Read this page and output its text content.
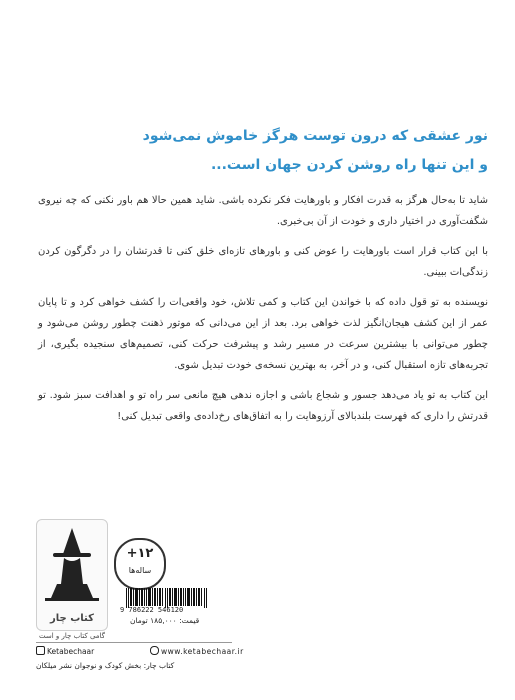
نور عشقی که درون توست هرگز خاموش نمی‌شود
و این تنها راه روشن کردن جهان است...

شاید تا به‌حال هرگز به قدرت افکار و باورهایت فکر نکرده باشی. شاید همین حالا هم باور نکنی که چه نیروی شگفت‌آوری در اختیار داری و خودت از آن بی‌خبری.

با این کتاب قرار است باورهایت را عوض کنی و باورهای تازه‌ای خلق کنی تا قدرتشان را در دگرگون کردن زندگی‌ات ببینی.

نویسنده به تو قول داده که با خواندن این کتاب و کمی تلاش، خود واقعی‌ات را کشف خواهی کرد و تا پایان عمر از این کشف هیجان‌انگیز لذت خواهی برد. بعد از این می‌دانی که موتور ذهنت چطور روشن می‌شود و چطور می‌توانی با بیشترین سرعت در مسیر رشد و پیشرفت حرکت کنی، تصمیم‌های سنجیده بگیری، از تجربه‌های تازه استقبال کنی، و در آخر، به بهترین نسخه‌ی خودت تبدیل شوی.

این کتاب به تو یاد می‌دهد جسور و شجاع باشی و اجازه ندهی هیچ مانعی سر راه تو و اهدافت سبز شود. تو قدرتش را داری که فهرست بلندبالای آرزوهایت را به اتفاق‌های رخ‌داده‌ی واقعی تبدیل کنی!

کتاب چار
گامی کتاب چار و است
+۱۲
ساله‌ها
9 786222 546120
قیمت: ۱۸۵,۰۰۰ تومان
Ketabechaar	www.ketabechaar.ir
کتاب چار: بخش کودک و نوجوان نشر میلکان
